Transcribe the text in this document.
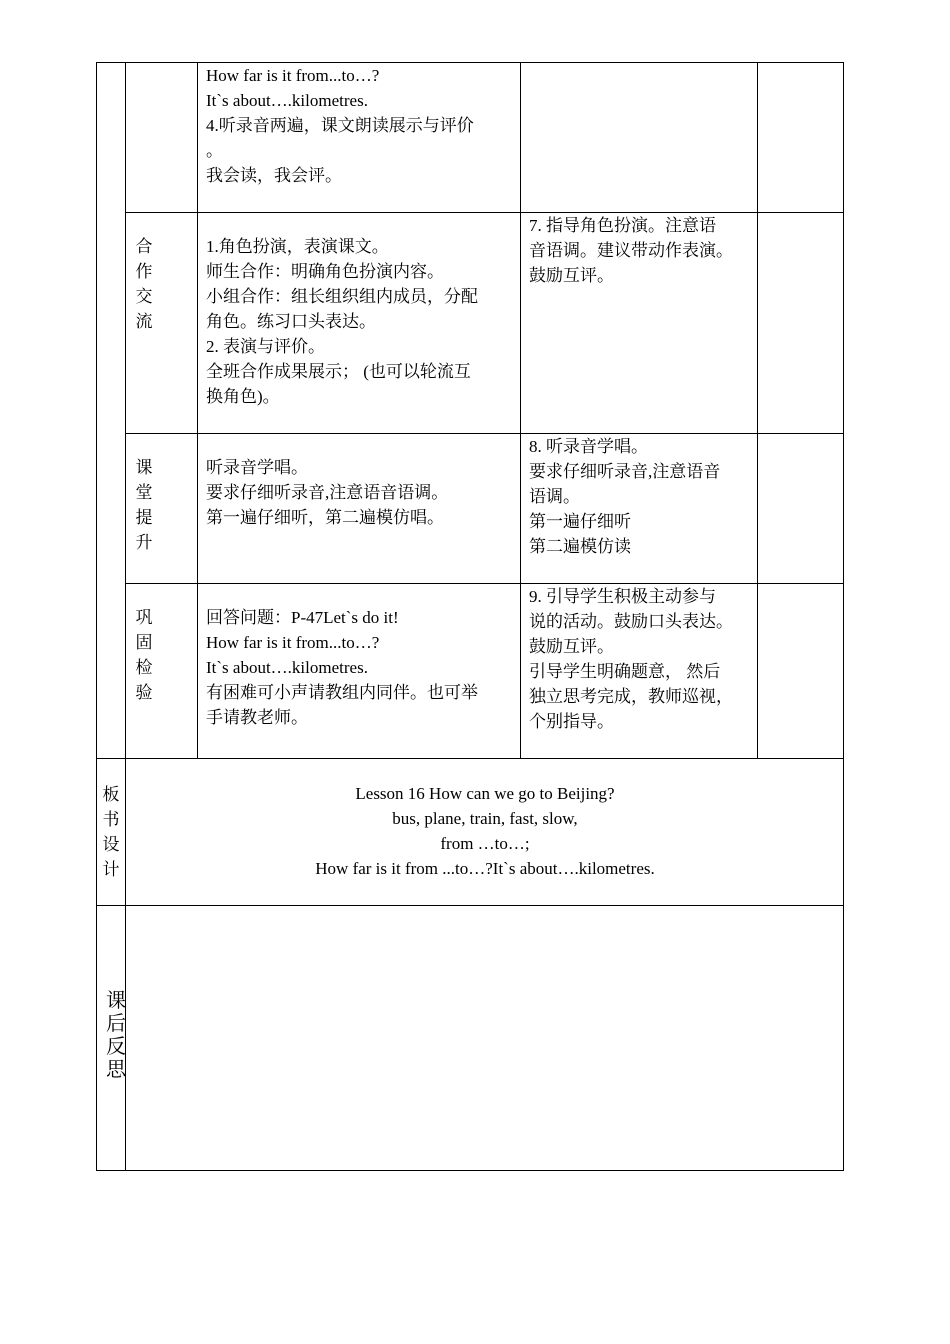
How far is it from...to…?
It`s about….kilometres.
4.听录音两遍，课文朗读展示与评价
。
我会读，我会评。
合
作
交
流
1.角色扮演，表演课文。
师生合作：明确角色扮演内容。
小组合作：组长组织组内成员，分配
角色。练习口头表达。
2. 表演与评价。
全班合作成果展示； (也可以轮流互
换角色)。
7. 指导角色扮演。注意语
音语调。建议带动作表演。
鼓励互评。
课
堂
提
升
听录音学唱。
要求仔细听录音,注意语音语调。
第一遍仔细听，第二遍模仿唱。
8. 听录音学唱。
要求仔细听录音,注意语音
语调。
第一遍仔细听
第二遍模仿读
巩
固
检
验
回答问题：P-47Let`s do it!
How far is it from...to…?
It`s about….kilometres.
有困难可小声请教组内同伴。也可举
手请教老师。
9. 引导学生积极主动参与
说的活动。鼓励口头表达。
鼓励互评。
引导学生明确题意， 然后
独立思考完成，教师巡视，
个别指导。
板
书
设
计
Lesson 16 How can we go to Beijing?
bus, plane, train, fast, slow,
from …to…;
How far is it from ...to…?It`s about….kilometres.
课
后
反
思
